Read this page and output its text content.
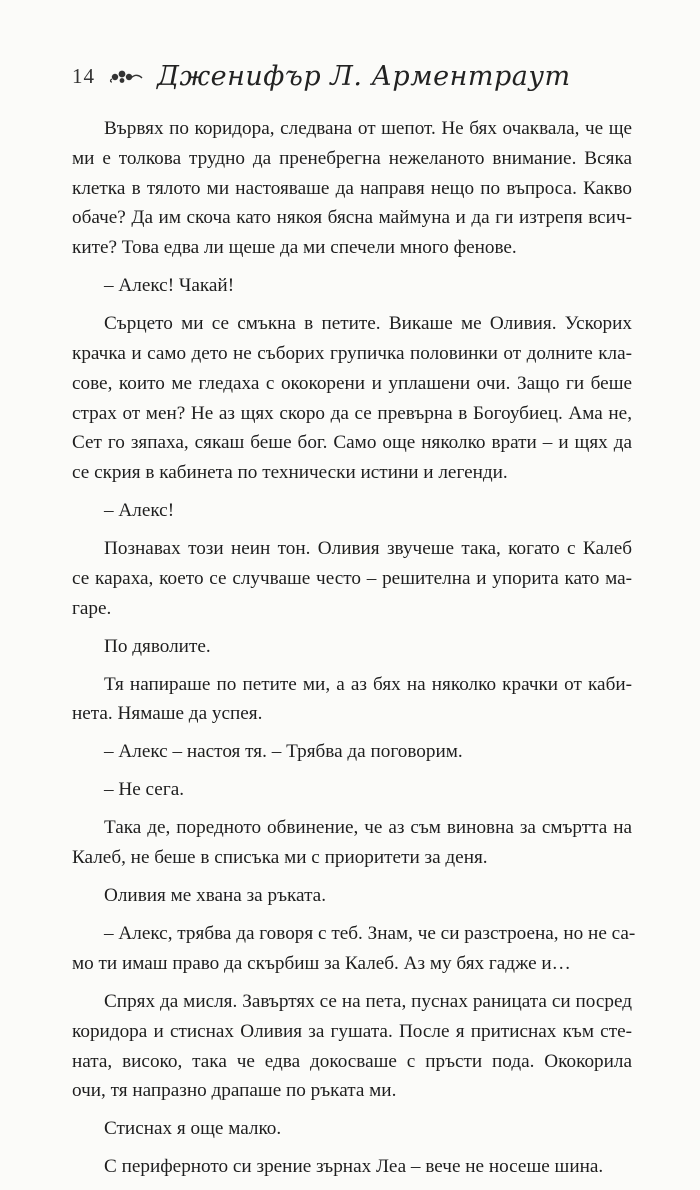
14 Дженифър Л. Арментраут

Вървях по коридора, следвана от шепот. Не бях очаквала, че ще
ми е толкова трудно да пренебрегна нежеланото внимание. Всяка
клетка в тялото ми настояваше да направя нещо по въпроса. Какво
обаче? Да им скоча като някоя бясна маймуна и да ги изтрепя всич-
ките? Това едва ли щеше да ми спечели много фенове.

– Алекс! Чакай!

Сърцето ми се смъкна в петите. Викаше ме Оливия. Ускорих
крачка и само дето не съборих групичка половинки от долните кла-
сове, които ме гледаха с ококорени и уплашени очи. Защо ги беше
страх от мен? Не аз щях скоро да се превърна в Богоубиец. Ама не,
Сет го зяпаха, сякаш беше бог. Само още няколко врати – и щях да
се скрия в кабинета по технически истини и легенди.

– Алекс!

Познавах този неин тон. Оливия звучеше така, когато с Калеб
се караха, което се случваше често – решителна и упорита като ма-
гаре.

По дяволите.

Тя напираше по петите ми, а аз бях на няколко крачки от каби-
нета. Нямаше да успея.

– Алекс – настоя тя. – Трябва да поговорим.

– Не сега.

Така де, поредното обвинение, че аз съм виновна за смъртта на
Калеб, не беше в списъка ми с приоритети за деня.

Оливия ме хвана за ръката.

– Алекс, трябва да говоря с теб. Знам, че си разстроена, но не са-
мо ти имаш право да скърбиш за Калеб. Аз му бях гадже и…

Спрях да мисля. Завъртях се на пета, пуснах раницата си посред
коридора и стиснах Оливия за гушата. После я притиснах към сте-
ната, високо, така че едва докосваше с пръсти пода. Ококорила
очи, тя напразно драпаше по ръката ми.

Стиснах я още малко.

С периферното си зрение зърнах Леа – вече не носеше шина.
